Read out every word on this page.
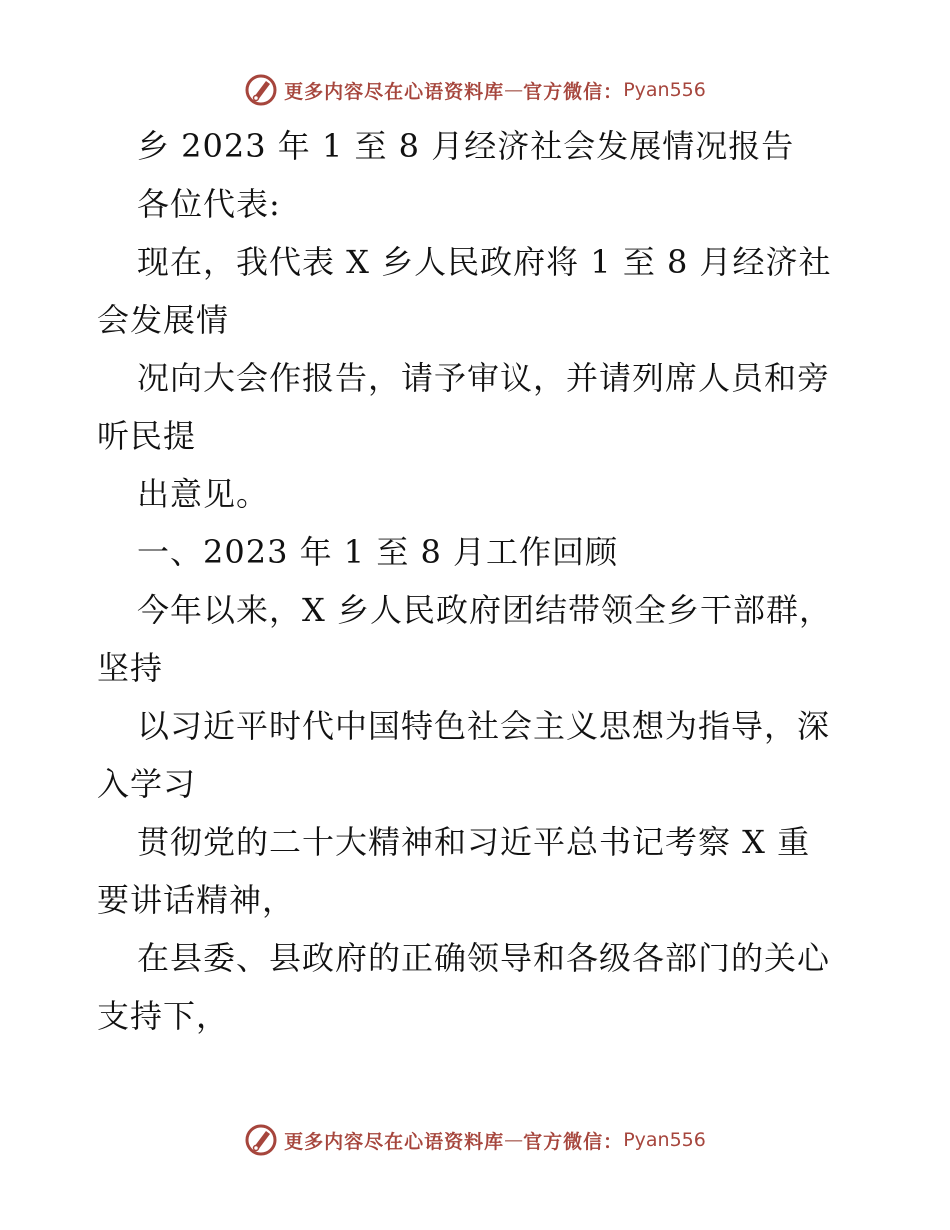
更多内容尽在心语资料库 — 官方微信： Pyan556
乡 2023 年 1 至 8 月经济社会发展情况报告
各位代表:
现在，我代表 X 乡人民政府将 1 至 8 月经济社
会发展情
况向大会作报告，请予审议，并请列席人员和旁
听民提
出意见。
一、2023 年 1 至 8 月工作回顾
今年以来，X 乡人民政府团结带领全乡干部群，
坚持
以习近平时代中国特色社会主义思想为指导，深
入学习
贯彻党的二十大精神和习近平总书记考察 X 重
要讲话精神，
在县委、县政府的正确领导和各级各部门的关心
支持下，
更多内容尽在心语资料库 — 官方微信： Pyan556
